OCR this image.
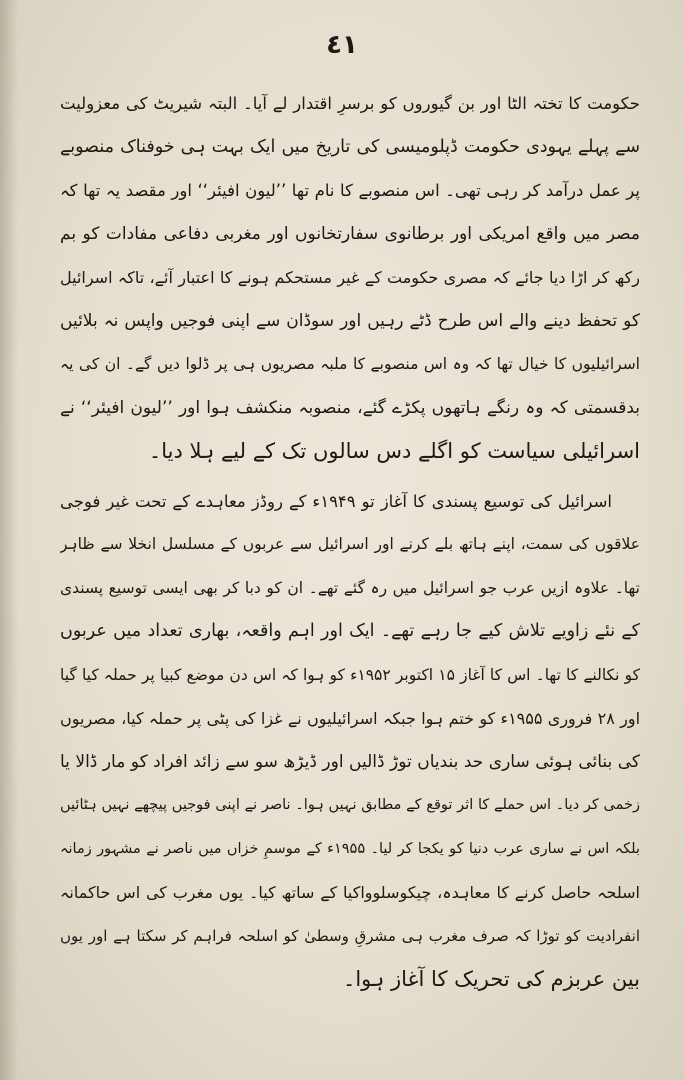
٤١
حکومت کا تختہ الٹا اور بن گیوروں کو برسرِ اقتدار لے آیا۔ البتہ شیریٹ کی معزولیت
سے پہلے یہودی حکومت ڈپلومیسی کی تاریخ میں ایک بہت ہی خوفناک منصوبے
پر عمل درآمد کر رہی تھی۔ اس منصوبے کا نام تھا ’’لیون افیئر‘‘ اور مقصد یہ تھا کہ
مصر میں واقع امریکی اور برطانوی سفارتخانوں اور مغربی دفاعی مفادات کو بم
رکھ کر اڑا دیا جائے کہ مصری حکومت کے غیر مستحکم ہونے کا اعتبار آئے، تاکہ اسرائیل
کو تحفظ دینے والے اس طرح ڈٹے رہیں اور سوڈان سے اپنی فوجیں واپس نہ بلائیں
اسرائیلیوں کا خیال تھا کہ وہ اس منصوبے کا ملبہ مصریوں ہی پر ڈلوا دیں گے۔ ان کی یہ
بدقسمتی کہ وہ رنگے ہاتھوں پکڑے گئے، منصوبہ منکشف ہوا اور ’’لیون افیئر‘‘ نے
اسرائیلی سیاست کو اگلے دس سالوں تک کے لیے ہلا دیا۔
اسرائیل کی توسیع پسندی کا آغاز تو ۱۹۴۹ء کے روڈز معاہدے کے تحت غیر فوجی
علاقوں کی سمت، اپنے ہاتھ بلے کرنے اور اسرائیل سے عربوں کے مسلسل انخلا سے ظاہر
تھا۔ علاوہ ازیں عرب جو اسرائیل میں رہ گئے تھے۔ ان کو دبا کر بھی ایسی توسیع پسندی
کے نئے زاویے تلاش کیے جا رہے تھے۔ ایک اور اہم واقعہ، بھاری تعداد میں عربوں
کو نکالنے کا تھا۔ اس کا آغاز ۱۵ اکتوبر ۱۹۵۲ء کو ہوا کہ اس دن موضع کبیا پر حملہ کیا گیا
اور ۲۸ فروری ۱۹۵۵ء کو ختم ہوا جبکہ اسرائیلیوں نے غزا کی پٹی پر حملہ کیا، مصریوں
کی بنائی ہوئی ساری حد بندیاں توڑ ڈالیں اور ڈیڑھ سو سے زائد افراد کو مار ڈالا یا
زخمی کر دیا۔ اس حملے کا اثر توقع کے مطابق نہیں ہوا۔ ناصر نے اپنی فوجیں پیچھے نہیں ہٹائیں
بلکہ اس نے ساری عرب دنیا کو یکجا کر لیا۔ ۱۹۵۵ء کے موسمِ خزاں میں ناصر نے مشہور زمانہ
اسلحہ حاصل کرنے کا معاہدہ، چیکوسلوواکیا کے ساتھ کیا۔ یوں مغرب کی اس حاکمانہ
انفرادیت کو توڑا کہ صرف مغرب ہی مشرقِ وسطیٰ کو اسلحہ فراہم کر سکتا ہے اور یوں
بین عربزم کی تحریک کا آغاز ہوا۔
